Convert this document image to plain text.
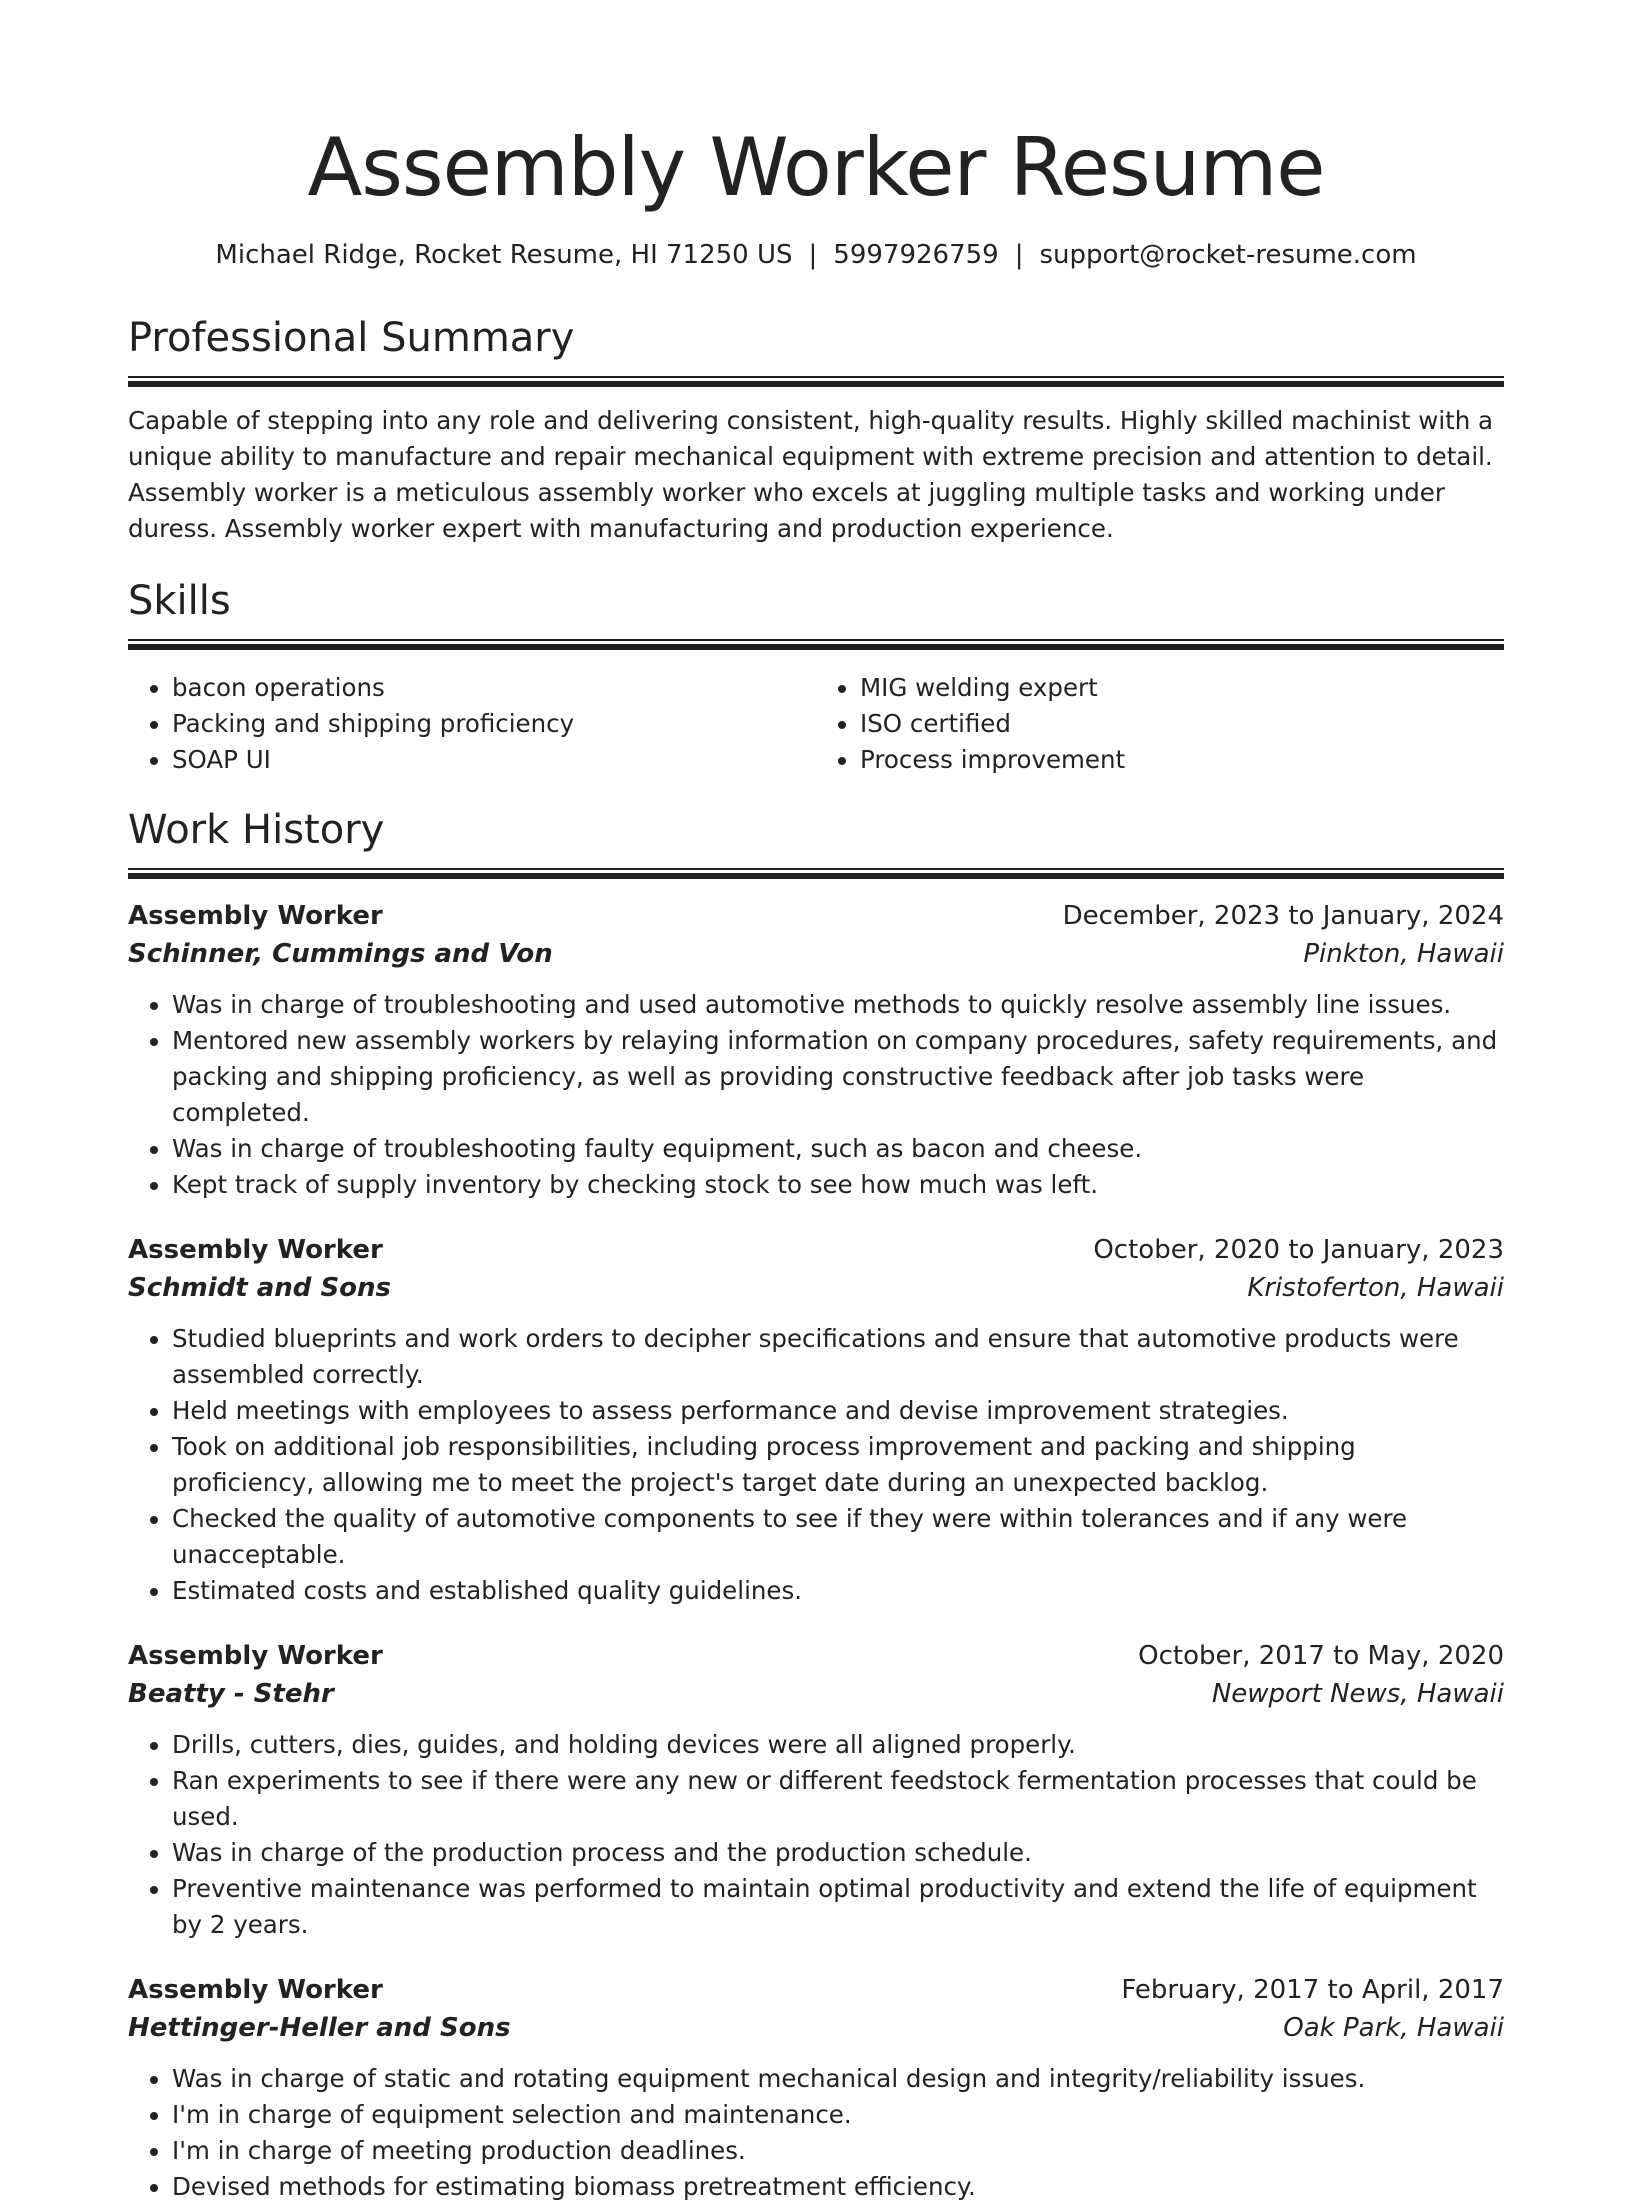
Assembly Worker Resume
Michael Ridge, Rocket Resume, HI 71250 US | 5997926759 | support@rocket-resume.com
Professional Summary

Capable of stepping into any role and delivering consistent, high-quality results. Highly skilled machinist with a unique ability to manufacture and repair mechanical equipment with extreme precision and attention to detail. Assembly worker is a meticulous assembly worker who excels at juggling multiple tasks and working under duress. Assembly worker expert with manufacturing and production experience.

Skills
• bacon operations
• Packing and shipping proficiency
• SOAP UI
• MIG welding expert
• ISO certified
• Process improvement
Work History
Assembly Worker	December, 2023 to January, 2024
Schinner, Cummings and Von	Pinkton, Hawaii
• Was in charge of troubleshooting and used automotive methods to quickly resolve assembly line issues.
• Mentored new assembly workers by relaying information on company procedures, safety requirements, and packing and shipping proficiency, as well as providing constructive feedback after job tasks were completed.
• Was in charge of troubleshooting faulty equipment, such as bacon and cheese.
• Kept track of supply inventory by checking stock to see how much was left.
Assembly Worker	October, 2020 to January, 2023
Schmidt and Sons	Kristoferton, Hawaii
• Studied blueprints and work orders to decipher specifications and ensure that automotive products were assembled correctly.
• Held meetings with employees to assess performance and devise improvement strategies.
• Took on additional job responsibilities, including process improvement and packing and shipping proficiency, allowing me to meet the project's target date during an unexpected backlog.
• Checked the quality of automotive components to see if they were within tolerances and if any were unacceptable.
• Estimated costs and established quality guidelines.
Assembly Worker	October, 2017 to May, 2020
Beatty - Stehr	Newport News, Hawaii
• Drills, cutters, dies, guides, and holding devices were all aligned properly.
• Ran experiments to see if there were any new or different feedstock fermentation processes that could be used.
• Was in charge of the production process and the production schedule.
• Preventive maintenance was performed to maintain optimal productivity and extend the life of equipment by 2 years.
Assembly Worker	February, 2017 to April, 2017
Hettinger-Heller and Sons	Oak Park, Hawaii
• Was in charge of static and rotating equipment mechanical design and integrity/reliability issues.
• I'm in charge of equipment selection and maintenance.
• I'm in charge of meeting production deadlines.
• Devised methods for estimating biomass pretreatment efficiency.
